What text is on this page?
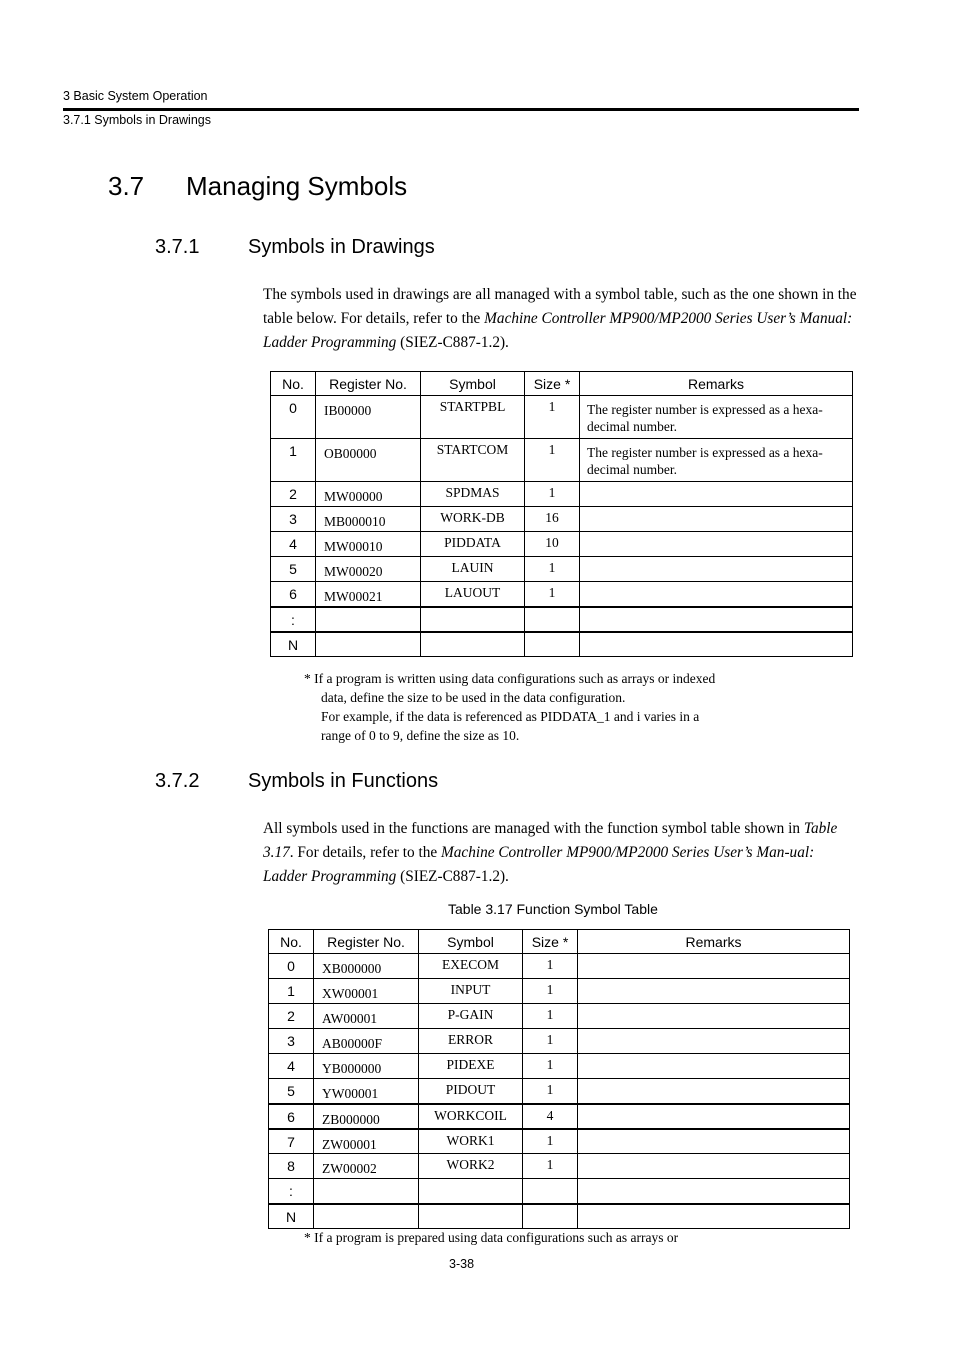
3 Basic System Operation
3.7.1 Symbols in Drawings
3.7 Managing Symbols
3.7.1 Symbols in Drawings
The symbols used in drawings are all managed with a symbol table, such as the one shown in the table below. For details, refer to the Machine Controller MP900/MP2000 Series User’s Manual: Ladder Programming (SIEZ-C887-1.2).
No.	Register No.	Symbol	Size *	Remarks
0	IB00000	STARTPBL	1	The register number is expressed as a hexa-decimal number.
1	OB00000	STARTCOM	1	The register number is expressed as a hexa-decimal number.
2	MW00000	SPDMAS	1	
3	MB000010	WORK-DB	16	
4	MW00010	PIDDATA	10	
5	MW00020	LAUIN	1	
6	MW00021	LAUOUT	1	
:				
N				
* If a program is written using data configurations such as arrays or indexed
data, define the size to be used in the data configuration.
For example, if the data is referenced as PIDDATA_1 and i varies in a
range of 0 to 9, define the size as 10.
3.7.2 Symbols in Functions
All symbols used in the functions are managed with the function symbol table shown in Table 3.17. For details, refer to the Machine Controller MP900/MP2000 Series User’s Man-ual: Ladder Programming (SIEZ-C887-1.2).
Table 3.17 Function Symbol Table
No.	Register No.	Symbol	Size *	Remarks
0	XB000000	EXECOM	1	
1	XW00001	INPUT	1	
2	AW00001	P-GAIN	1	
3	AB00000F	ERROR	1	
4	YB000000	PIDEXE	1	
5	YW00001	PIDOUT	1	
6	ZB000000	WORKCOIL	4	
7	ZW00001	WORK1	1	
8	ZW00002	WORK2	1	
:				
N				
* If a program is prepared using data configurations such as arrays or
3-38
